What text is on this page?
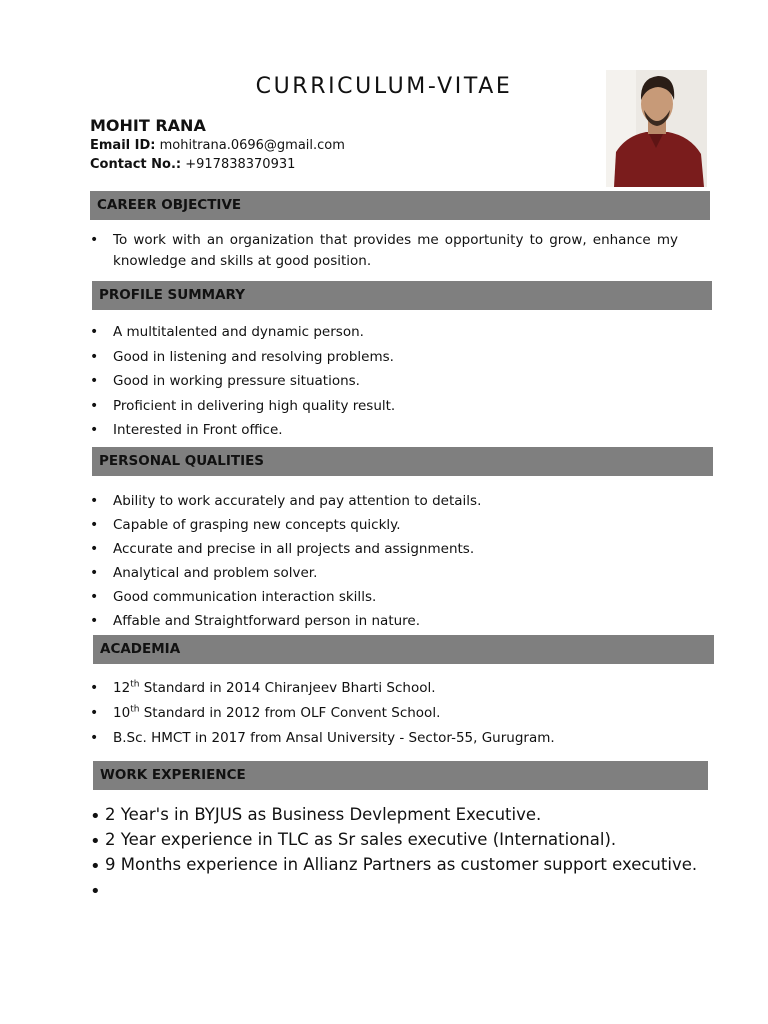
CURRICULUM-VITAE
MOHIT RANA
Email ID: mohitrana.0696@gmail.com
Contact No.: +917838370931
CAREER OBJECTIVE
• To work with an organization that provides me opportunity to grow, enhance my knowledge and skills at good position.
PROFILE SUMMARY
• A multitalented and dynamic person.
• Good in listening and resolving problems.
• Good in working pressure situations.
• Proficient in delivering high quality result.
• Interested in Front office.
PERSONAL QUALITIES
• Ability to work accurately and pay attention to details.
• Capable of grasping new concepts quickly.
• Accurate and precise in all projects and assignments.
• Analytical and problem solver.
• Good communication interaction skills.
• Affable and Straightforward person in nature.
ACADEMIA
• 12th Standard in 2014 Chiranjeev Bharti School.
• 10th Standard in 2012 from OLF Convent School.
• B.Sc. HMCT in 2017 from Ansal University - Sector-55, Gurugram.
WORK EXPERIENCE
• 2 Year's in BYJUS as Business Devlepment Executive.
• 2 Year experience in TLC as Sr sales executive (International).
• 9 Months experience in Allianz Partners as customer support executive.
•
